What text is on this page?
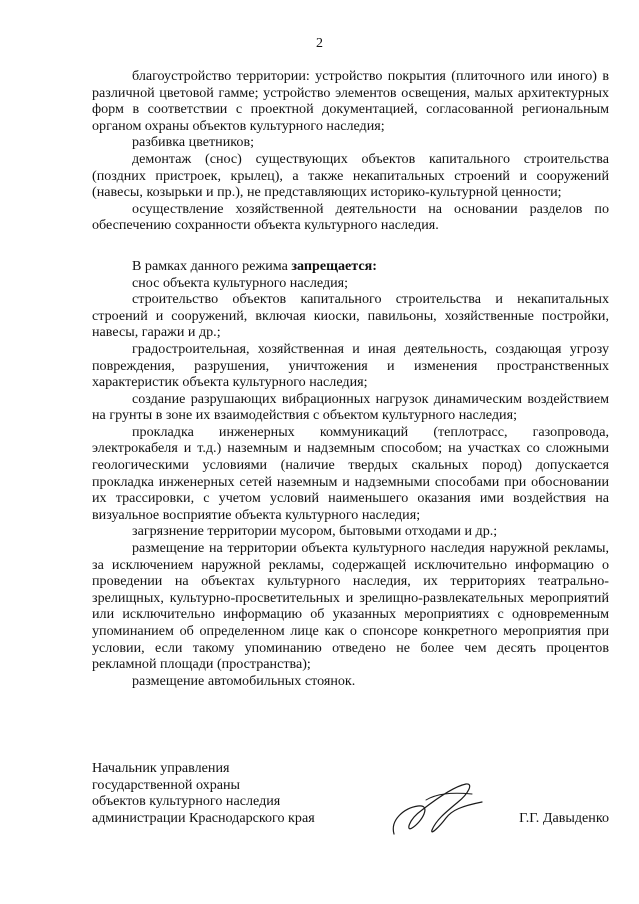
2

благоустройство территории: устройство покрытия (плиточного или иного) в различной цветовой гамме; устройство элементов освещения, малых архитектурных форм в соответствии с проектной документацией, согласованной региональным органом охраны объектов культурного наследия;

разбивка цветников;

демонтаж (снос) существующих объектов капитального строительства (поздних пристроек, крылец), а также некапитальных строений и сооружений (навесы, козырьки и пр.), не представляющих историко-культурной ценности;

осуществление хозяйственной деятельности на основании разделов по обеспечению сохранности объекта культурного наследия.

В рамках данного режима запрещается:

снос объекта культурного наследия;

строительство объектов капитального строительства и некапитальных строений и сооружений, включая киоски, павильоны, хозяйственные постройки, навесы, гаражи и др.;

градостроительная, хозяйственная и иная деятельность, создающая угрозу повреждения, разрушения, уничтожения и изменения пространственных характеристик объекта культурного наследия;

создание разрушающих вибрационных нагрузок динамическим воздействием на грунты в зоне их взаимодействия с объектом культурного наследия;

прокладка инженерных коммуникаций (теплотрасс, газопровода, электрокабеля и т.д.) наземным и надземным способом; на участках со сложными геологическими условиями (наличие твердых скальных пород) допускается прокладка инженерных сетей наземным и надземными способами при обосновании их трассировки, с учетом условий наименьшего оказания ими воздействия на визуальное восприятие объекта культурного наследия;

загрязнение территории мусором, бытовыми отходами и др.;

размещение на территории объекта культурного наследия наружной рекламы, за исключением наружной рекламы, содержащей исключительно информацию о проведении на объектах культурного наследия, их территориях театрально-зрелищных, культурно-просветительных и зрелищно-развлекательных мероприятий или исключительно информацию об указанных мероприятиях с одновременным упоминанием об определенном лице как о спонсоре конкретного мероприятия при условии, если такому упоминанию отведено не более чем десять процентов рекламной площади (пространства);

размещение автомобильных стоянок.

Начальник управления
государственной охраны
объектов культурного наследия
администрации Краснодарского края	Г.Г. Давыденко
